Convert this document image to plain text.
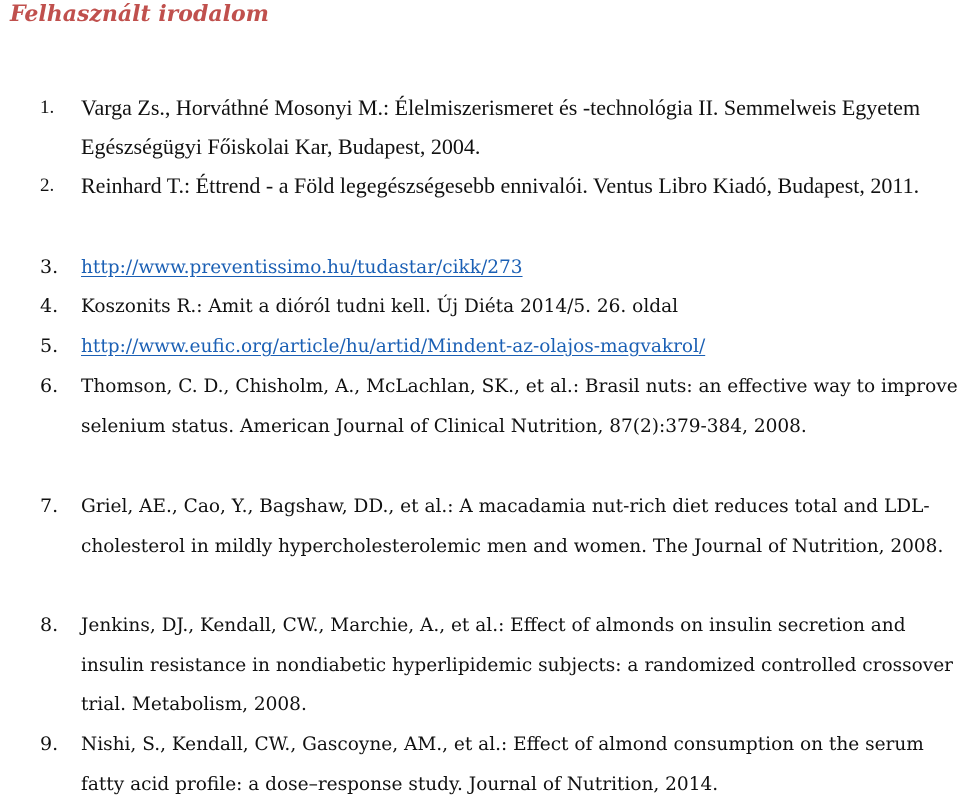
Felhasznált irodalom
1.	Varga Zs., Horváthné Mosonyi M.: Élelmiszerismeret és -technológia II. Semmelweis Egyetem Egészségügyi Főiskolai Kar, Budapest, 2004.
2.	Reinhard T.: Éttrend - a Föld legegészségesebb ennivalói. Ventus Libro Kiadó, Budapest, 2011.
3.	http://www.preventissimo.hu/tudastar/cikk/273
4.	Koszonits R.: Amit a dióról tudni kell. Új Diéta 2014/5. 26. oldal
5.	http://www.eufic.org/article/hu/artid/Mindent-az-olajos-magvakrol/
6.	Thomson, C. D., Chisholm, A., McLachlan, SK., et al.: Brasil nuts: an effective way to improve selenium status. American Journal of Clinical Nutrition, 87(2):379-384, 2008.
7.	Griel, AE., Cao, Y., Bagshaw, DD., et al.: A macadamia nut-rich diet reduces total and LDL-cholesterol in mildly hypercholesterolemic men and women. The Journal of Nutrition, 2008.
8.	Jenkins, DJ., Kendall, CW., Marchie, A., et al.: Effect of almonds on insulin secretion and insulin resistance in nondiabetic hyperlipidemic subjects: a randomized controlled crossover trial. Metabolism, 2008.
9.	Nishi, S., Kendall, CW., Gascoyne, AM., et al.: Effect of almond consumption on the serum fatty acid profile: a dose–response study. Journal of Nutrition, 2014.
